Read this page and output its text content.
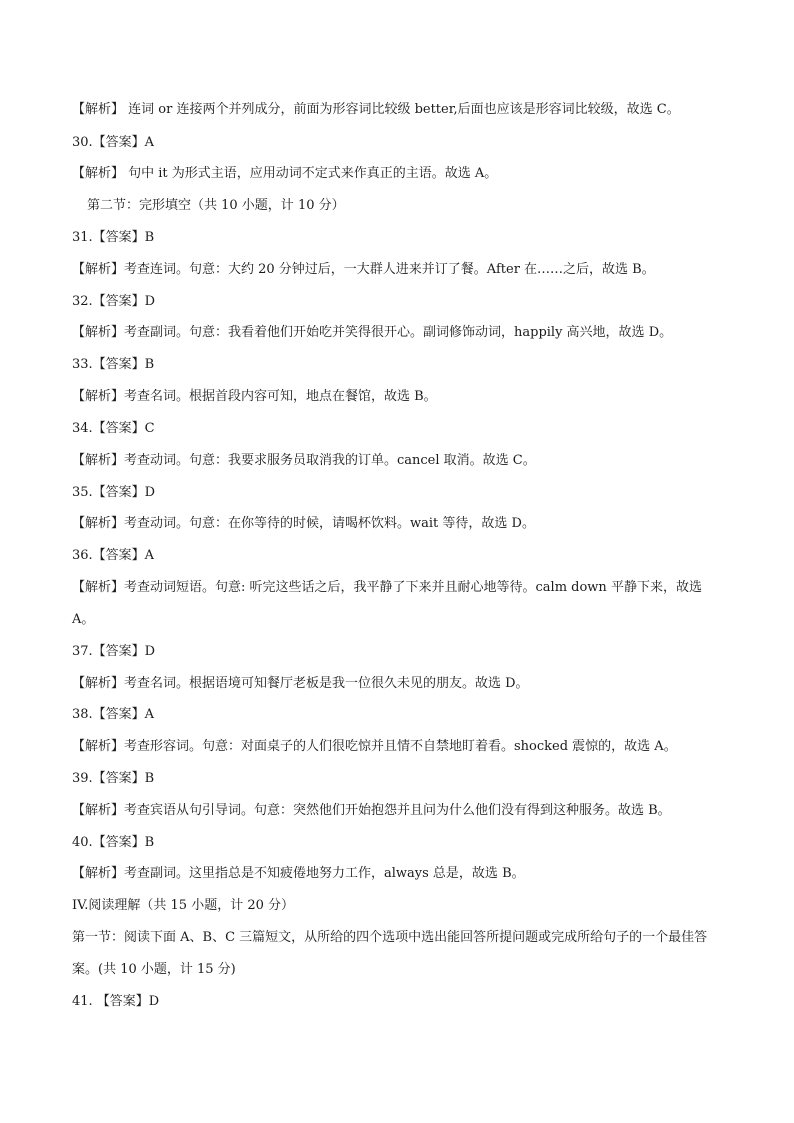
【解析】 连词 or 连接两个并列成分，前面为形容词比较级 better,后面也应该是形容词比较级，故选 C。
30.【答案】A
【解析】 句中 it 为形式主语，应用动词不定式来作真正的主语。故选 A。
第二节：完形填空（共 10 小题，计 10 分）
31.【答案】B
【解析】考查连词。句意：大约 20 分钟过后，一大群人进来并订了餐。After 在……之后，故选 B。
32.【答案】D
【解析】考查副词。句意：我看着他们开始吃并笑得很开心。副词修饰动词，happily 高兴地，故选 D。
33.【答案】B
【解析】考查名词。根据首段内容可知，地点在餐馆，故选 B。
34.【答案】C
【解析】考查动词。句意：我要求服务员取消我的订单。cancel 取消。故选 C。
35.【答案】D
【解析】考查动词。句意：在你等待的时候，请喝杯饮料。wait 等待，故选 D。
36.【答案】A
【解析】考查动词短语。句意: 听完这些话之后，我平静了下来并且耐心地等待。calm down 平静下来，故选 A。
37.【答案】D
【解析】考查名词。根据语境可知餐厅老板是我一位很久未见的朋友。故选 D。
38.【答案】A
【解析】考查形容词。句意：对面桌子的人们很吃惊并且情不自禁地盯着看。shocked 震惊的，故选 A。
39.【答案】B
【解析】考查宾语从句引导词。句意：突然他们开始抱怨并且问为什么他们没有得到这种服务。故选 B。
40.【答案】B
【解析】考查副词。这里指总是不知疲倦地努力工作，always 总是，故选 B。
IV.阅读理解（共 15 小题，计 20 分）
第一节：阅读下面 A、B、C 三篇短文，从所给的四个选项中选出能回答所提问题或完成所给句子的一个最佳答案。(共 10 小题，计 15 分)
41. 【答案】D
